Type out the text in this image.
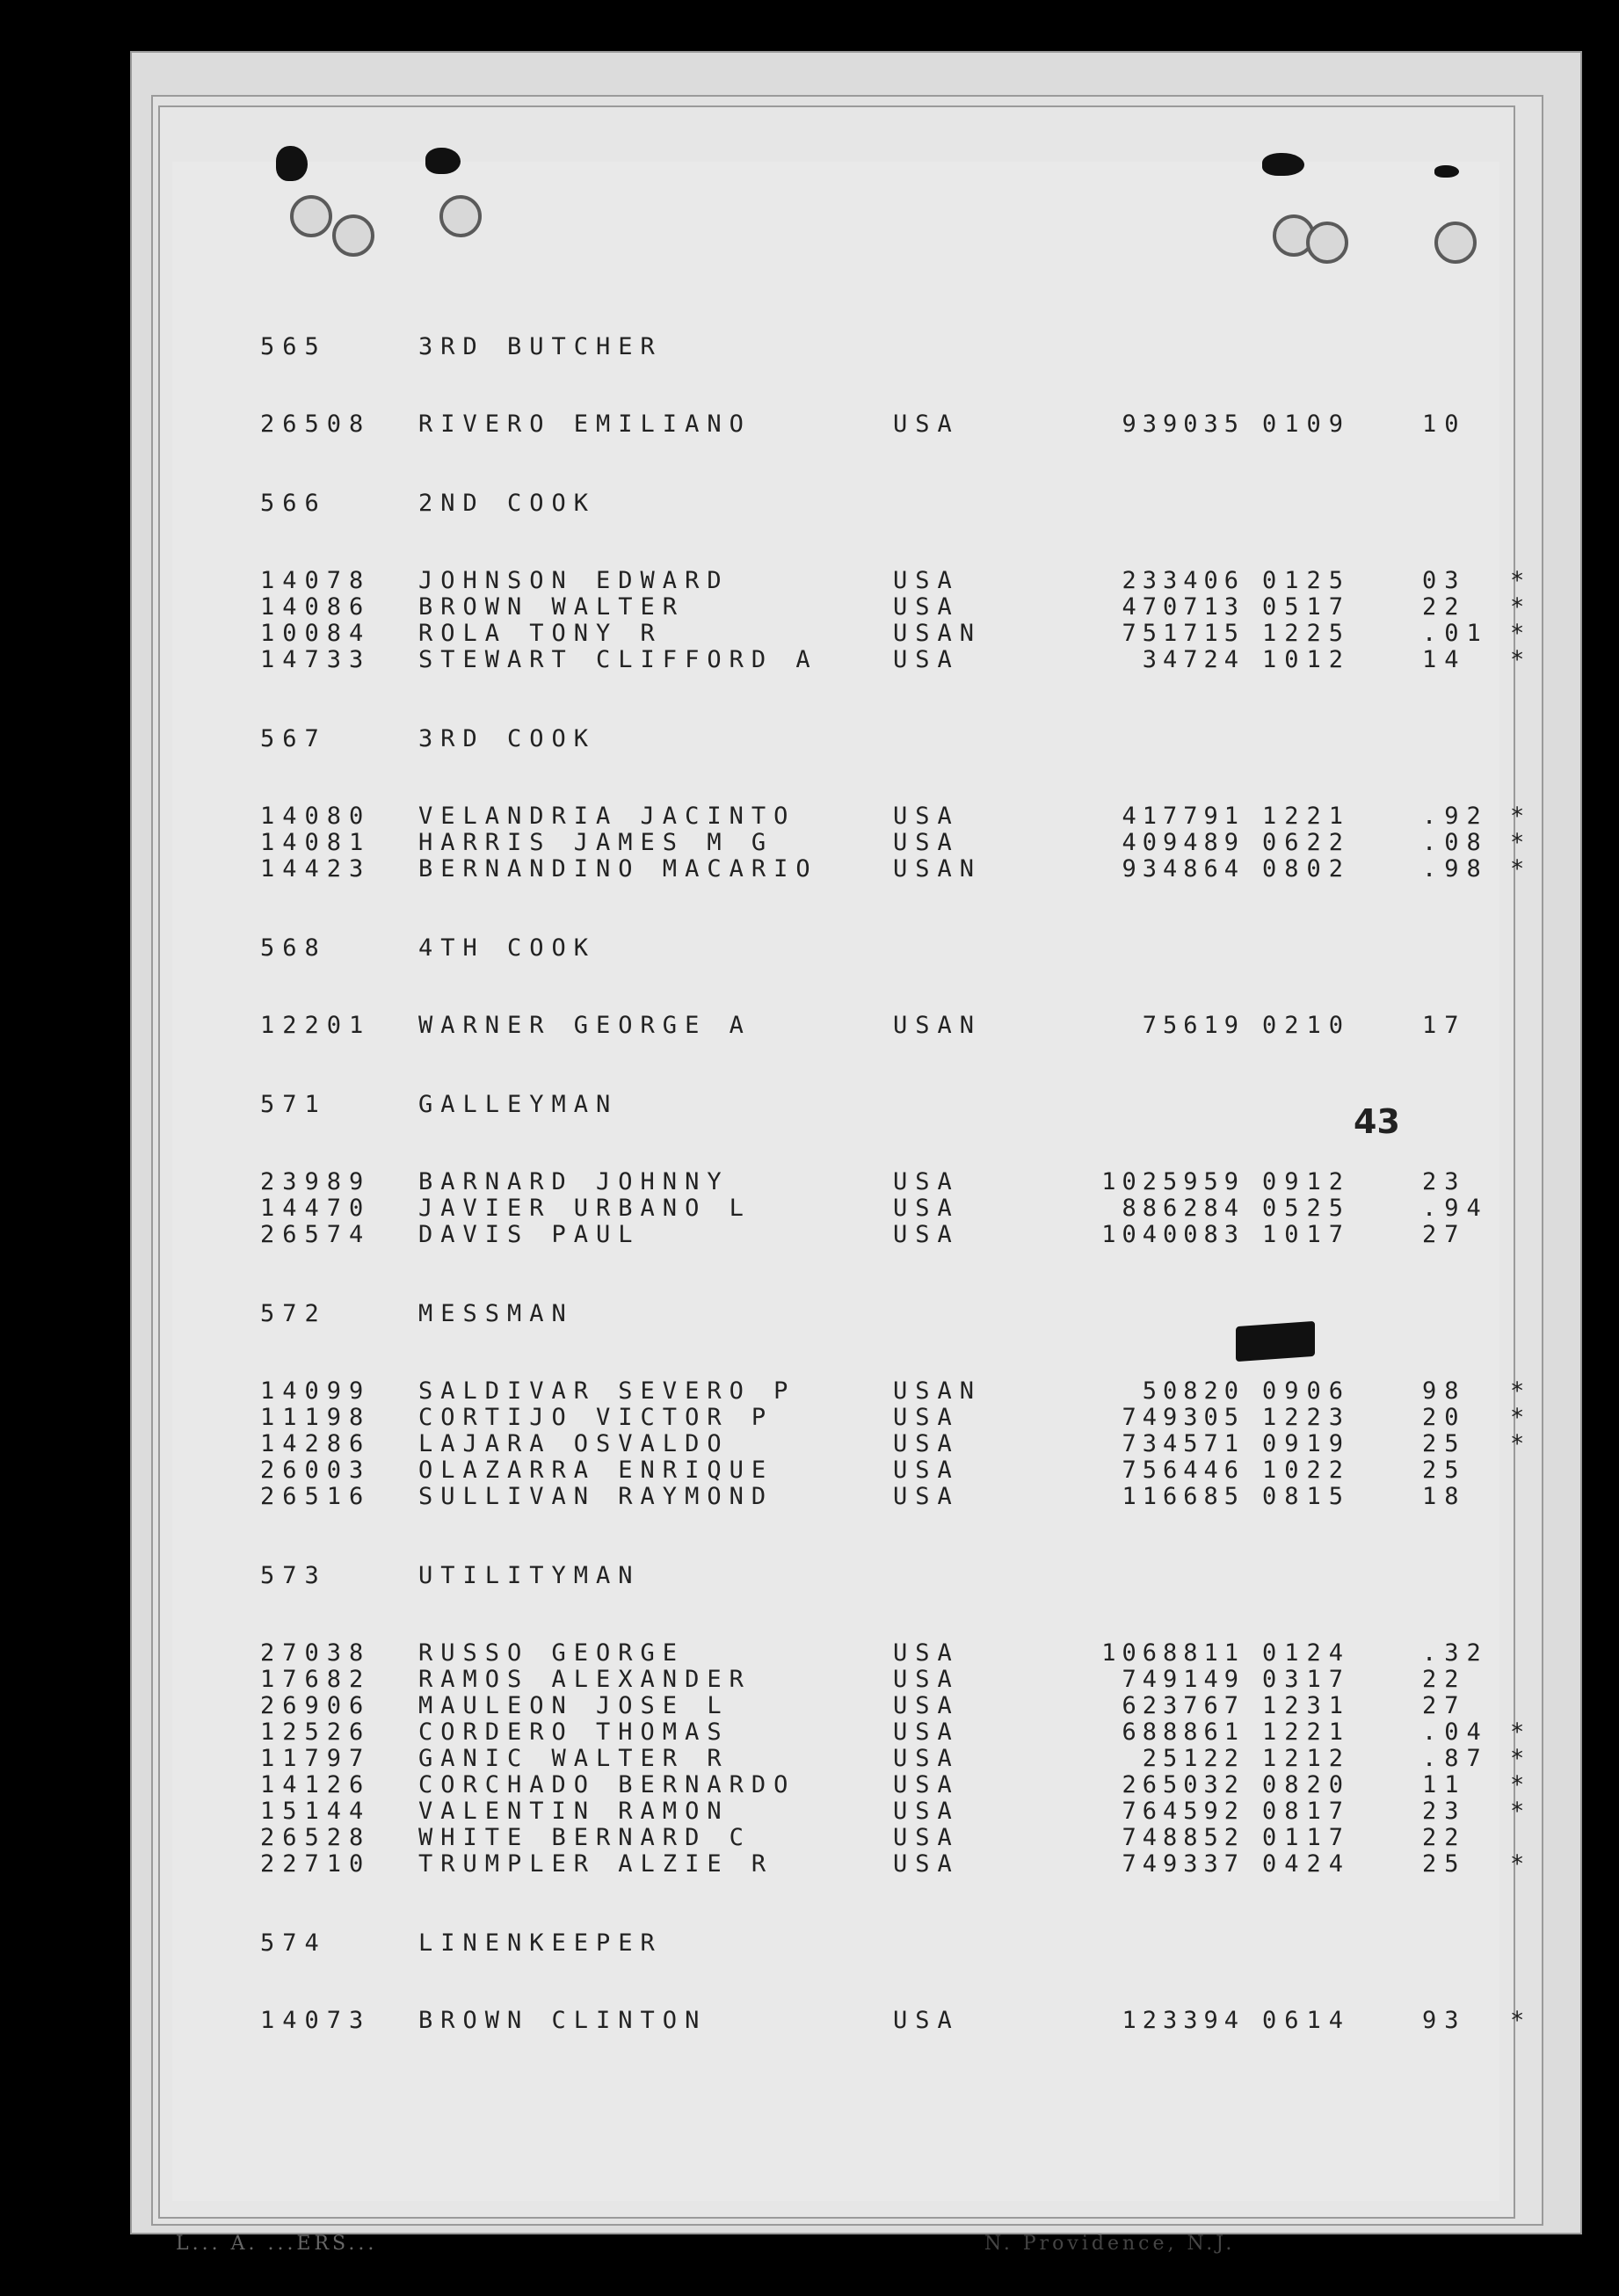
565	3RD BUTCHER
26508 RIVERO EMILIANO	USA	939035 0109	10
566	2ND COOK
14078 JOHNSON EDWARD	USA	233406 0125	03 *
14086 BROWN WALTER	USA	470713 0517	22 *
10084 ROLA TONY R	USAN	751715 1225	.01 *
14733 STEWART CLIFFORD A	USA	34724 1012	14 *
567	3RD COOK
14080 VELANDRIA JACINTO	USA	417791 1221	.92 *
14081 HARRIS JAMES M G	USA	409489 0622	.08 *
14423 BERNANDINO MACARIO	USAN	934864 0802	.98 *
568	4TH COOK
12201 WARNER GEORGE A	USAN	75619 0210	17
571	GALLEYMAN
23989 BARNARD JOHNNY	USA	1025959 0912	23
14470 JAVIER URBANO L	USA	886284 0525	.94
26574 DAVIS PAUL	USA	1040083 1017	27
572	MESSMAN
14099 SALDIVAR SEVERO P	USAN	50820 0906	98 *
11198 CORTIJO VICTOR P	USA	749305 1223	20 *
14286 LAJARA OSVALDO	USA	734571 0919	25 *
26003 OLAZARRA ENRIQUE	USA	756446 1022	25
26516 SULLIVAN RAYMOND	USA	116685 0815	18
573	UTILITYMAN
27038 RUSSO GEORGE	USA	1068811 0124	.32
17682 RAMOS ALEXANDER	USA	749149 0317	22
26906 MAULEON JOSE L	USA	623767 1231	27
12526 CORDERO THOMAS	USA	688861 1221	.04 *
11797 GANIC WALTER R	USA	25122 1212	.87 *
14126 CORCHADO BERNARDO	USA	265032 0820	11 *
15144 VALENTIN RAMON	USA	764592 0817	23 *
26528 WHITE BERNARD C	USA	748852 0117	22
22710 TRUMPLER ALZIE R	USA	749337 0424	25 *
574	LINENKEEPER
14073 BROWN CLINTON	USA	123394 0614	93 *
43
L... A. ...ERS...	N. Providence, N.J.
